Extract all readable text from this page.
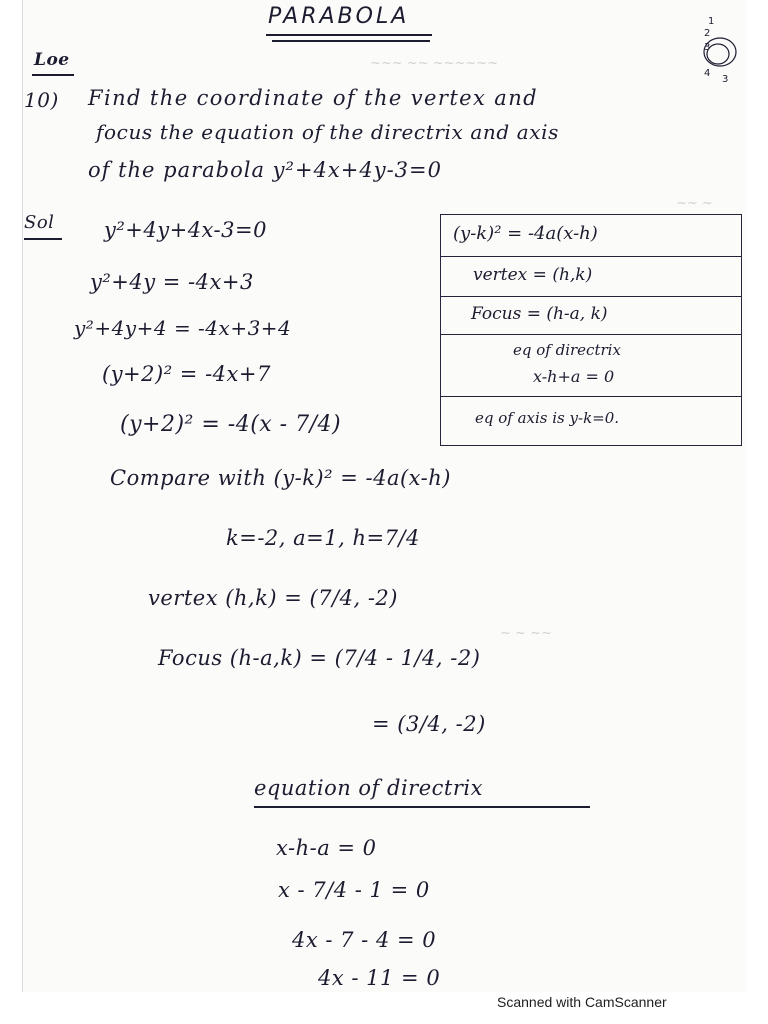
PARABOLA	1
2
3
4
3
Loe	~~~ ~~ ~~~~~~
~~ ~
~ ~ ~~
10) Find the coordinate of the vertex and
focus the equation of the directrix and axis
of the parabola y²+4x+4y-3=0
Sol y²+4y+4x-3=0
y²+4y = -4x+3
y²+4y+4 = -4x+3+4
(y+2)² = -4x+7
(y+2)² = -4(x - 7/4)
(y-k)² = -4a(x-h)
vertex = (h,k)
Focus = (h-a, k)
eq of directrix
x-h+a = 0
eq of axis is y-k=0.
Compare with (y-k)² = -4a(x-h)
k=-2, a=1, h=7/4
vertex (h,k) = (7/4, -2)
Focus (h-a,k) = (7/4 - 1/4, -2)
= (3/4, -2)
equation of directrix
x-h-a = 0
x - 7/4 - 1 = 0
4x - 7 - 4 = 0
4x - 11 = 0
Scanned with CamScanner
